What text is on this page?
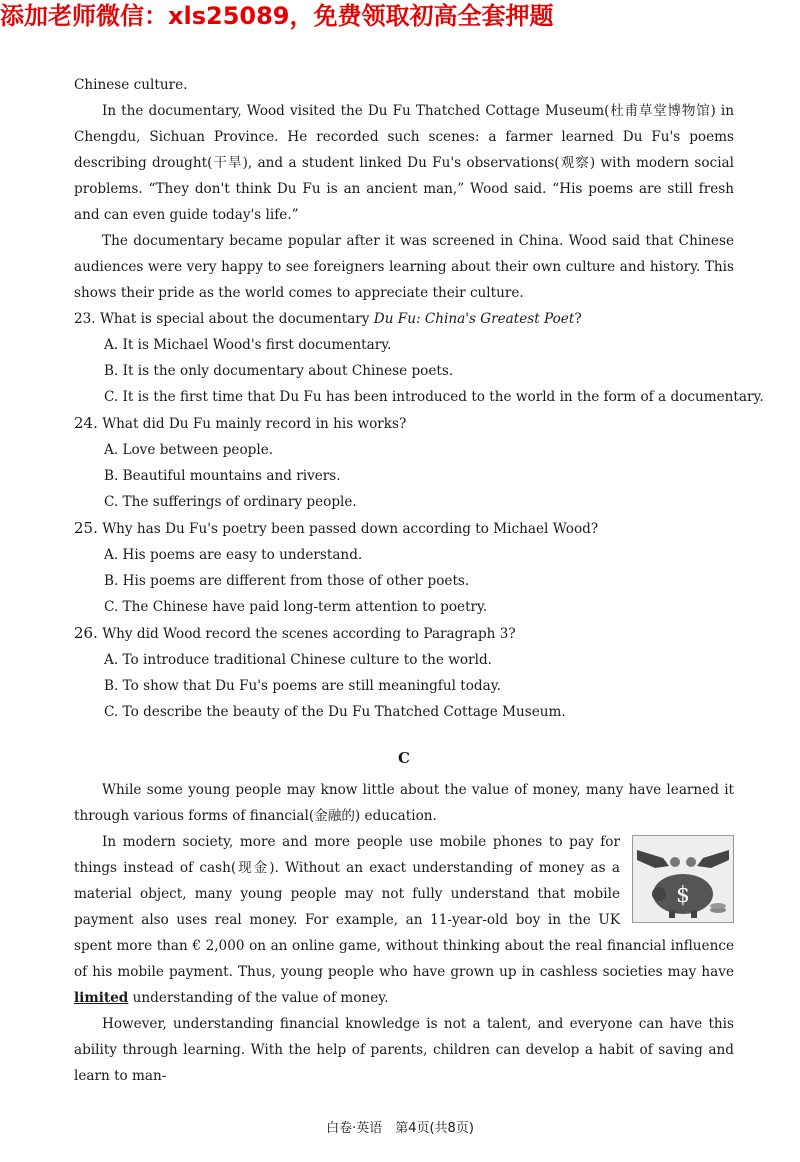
添加老师微信：xls25089，免费领取初高全套押题

Chinese culture.

In the documentary, Wood visited the Du Fu Thatched Cottage Museum(杜甫草堂博物馆) in Chengdu, Sichuan Province. He recorded such scenes: a farmer learned Du Fu's poems describing drought(干旱), and a student linked Du Fu's observations(观察) with modern social problems. “They don't think Du Fu is an ancient man,” Wood said. “His poems are still fresh and can even guide today's life.”

The documentary became popular after it was screened in China. Wood said that Chinese audiences were very happy to see foreigners learning about their own culture and history. This shows their pride as the world comes to appreciate their culture.

23. What is special about the documentary Du Fu: China's Greatest Poet?
A. It is Michael Wood's first documentary.
B. It is the only documentary about Chinese poets.
C. It is the first time that Du Fu has been introduced to the world in the form of a documentary.
24. What did Du Fu mainly record in his works?
A. Love between people.
B. Beautiful mountains and rivers.
C. The sufferings of ordinary people.
25. Why has Du Fu's poetry been passed down according to Michael Wood?
A. His poems are easy to understand.
B. His poems are different from those of other poets.
C. The Chinese have paid long-term attention to poetry.
26. Why did Wood record the scenes according to Paragraph 3?
A. To introduce traditional Chinese culture to the world.
B. To show that Du Fu's poems are still meaningful today.
C. To describe the beauty of the Du Fu Thatched Cottage Museum.
C

While some young people may know little about the value of money, many have learned it through various forms of financial(金融的) education.

$
In modern society, more and more people use mobile phones to pay for things instead of cash(现金). Without an exact understanding of money as a material object, many young people may not fully understand that mobile payment also uses real money. For example, an 11-year-old boy in the UK spent more than € 2,000 on an online game, without thinking about the real financial influence of his mobile payment. Thus, young people who have grown up in cashless societies may have limited understanding of the value of money.

However, understanding financial knowledge is not a talent, and everyone can have this ability through learning. With the help of parents, children can develop a habit of saving and learn to man-

白卷·英语　第4页(共8页)
